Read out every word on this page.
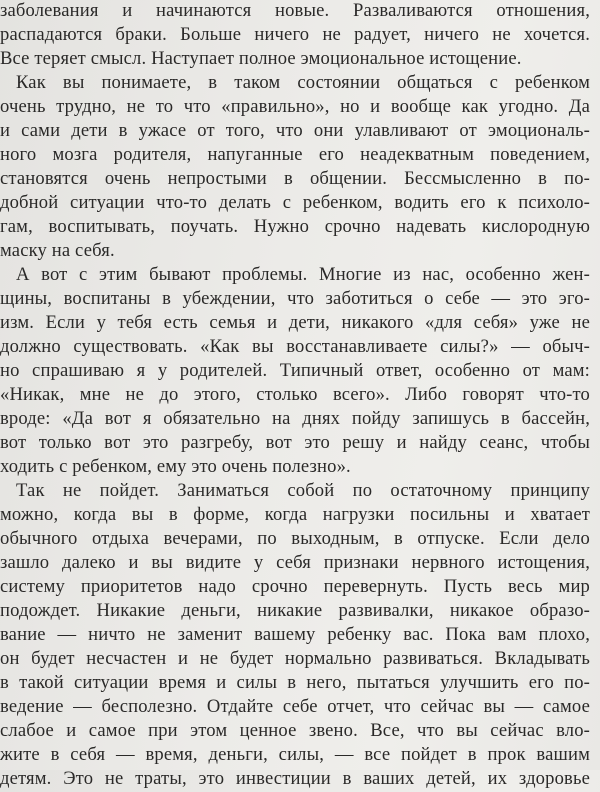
заболевания и начинаются новые. Разваливаются отношения,
распадаются браки. Больше ничего не радует, ничего не хочется.
Все теряет смысл. Наступает полное эмоциональное истощение.
Как вы понимаете, в таком состоянии общаться с ребенком
очень трудно, не то что «правильно», но и вообще как угодно. Да
и сами дети в ужасе от того, что они улавливают от эмоциональ-
ного мозга родителя, напуганные его неадекватным поведением,
становятся очень непростыми в общении. Бессмысленно в по-
добной ситуации что-то делать с ребенком, водить его к психоло-
гам, воспитывать, поучать. Нужно срочно надевать кислородную
маску на себя.
А вот с этим бывают проблемы. Многие из нас, особенно жен-
щины, воспитаны в убеждении, что заботиться о себе — это эго-
изм. Если у тебя есть семья и дети, никакого «для себя» уже не
должно существовать. «Как вы восстанавливаете силы?» — обыч-
но спрашиваю я у родителей. Типичный ответ, особенно от мам:
«Никак, мне не до этого, столько всего». Либо говорят что-то
вроде: «Да вот я обязательно на днях пойду запишусь в бассейн,
вот только вот это разгребу, вот это решу и найду сеанс, чтобы
ходить с ребенком, ему это очень полезно».
Так не пойдет. Заниматься собой по остаточному принципу
можно, когда вы в форме, когда нагрузки посильны и хватает
обычного отдыха вечерами, по выходным, в отпуске. Если дело
зашло далеко и вы видите у себя признаки нервного истощения,
систему приоритетов надо срочно перевернуть. Пусть весь мир
подождет. Никакие деньги, никакие развивалки, никакое образо-
вание — ничто не заменит вашему ребенку вас. Пока вам плохо,
он будет несчастен и не будет нормально развиваться. Вкладывать
в такой ситуации время и силы в него, пытаться улучшить его по-
ведение — бесполезно. Отдайте себе отчет, что сейчас вы — самое
слабое и самое при этом ценное звено. Все, что вы сейчас вло-
жите в себя — время, деньги, силы, — все пойдет в прок вашим
детям. Это не траты, это инвестиции в ваших детей, их здоровье
